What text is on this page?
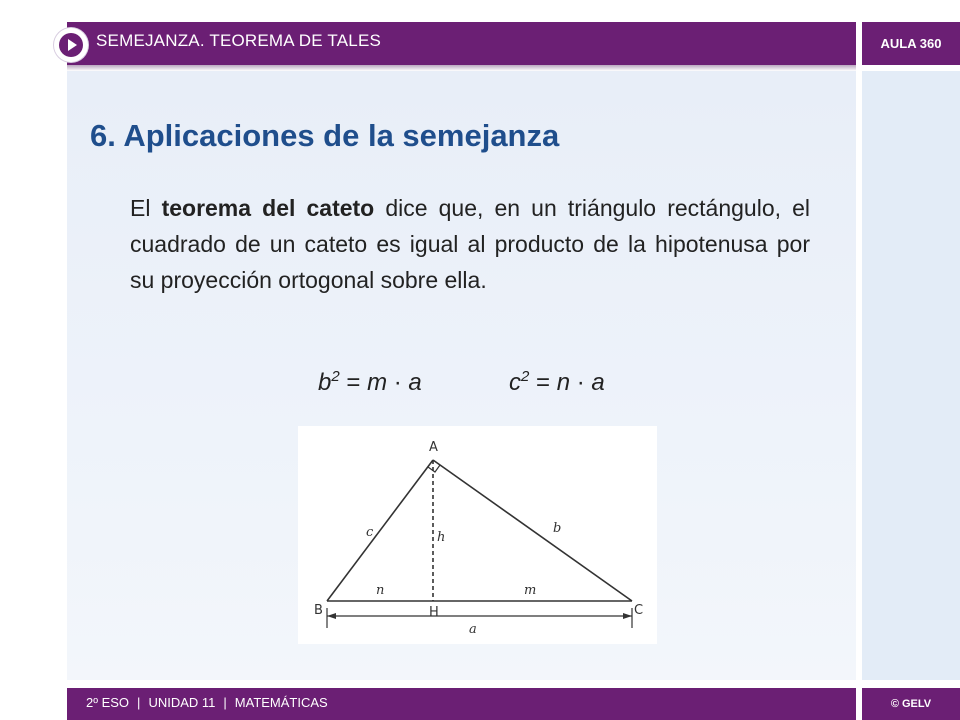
SEMEJANZA. TEOREMA DE TALES	AULA 360
6. Aplicaciones de la semejanza
El teorema del cateto dice que, en un triángulo rectángulo, el cuadrado de un cateto es igual al producto de la hipotenusa por su proyección ortogonal sobre ella.
$b^2 = m \cdot a$	$c^2 = n \cdot a$
A
B	C
H
c	b
h
n	m
a
2º ESO | UNIDAD 11 | MATEMÁTICAS	© GELV
